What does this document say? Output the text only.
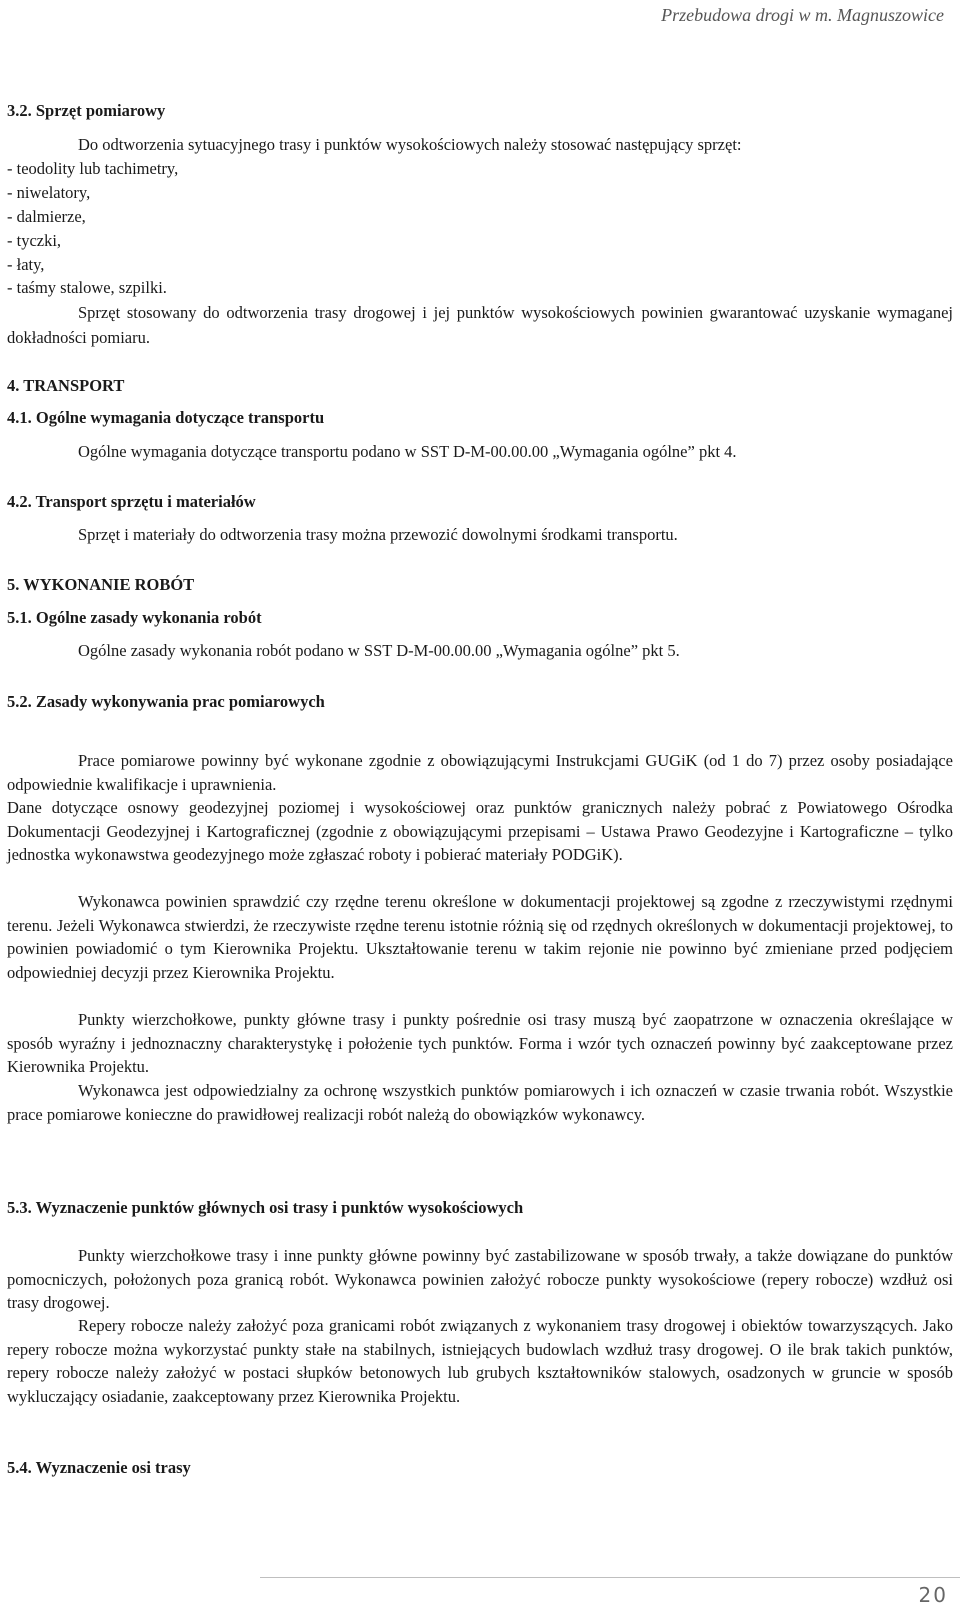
Przebudowa drogi w m. Magnuszowice
3.2. Sprzęt pomiarowy
Do odtworzenia sytuacyjnego trasy i punktów wysokościowych należy stosować następujący sprzęt:
- teodolity lub tachimetry,
- niwelatory,
- dalmierze,
- tyczki,
- łaty,
- taśmy stalowe, szpilki.
Sprzęt stosowany do odtworzenia trasy drogowej i jej punktów wysokościowych powinien gwarantować uzyskanie wymaganej dokładności pomiaru.
4. TRANSPORT
4.1. Ogólne wymagania dotyczące transportu
Ogólne wymagania dotyczące transportu podano w SST D-M-00.00.00 „Wymagania ogólne” pkt 4.
4.2. Transport sprzętu i materiałów
Sprzęt i materiały do odtworzenia trasy można przewozić dowolnymi środkami transportu.
5. WYKONANIE ROBÓT
5.1. Ogólne zasady wykonania robót
Ogólne zasady wykonania robót podano w SST D-M-00.00.00 „Wymagania ogólne” pkt 5.
5.2. Zasady wykonywania prac pomiarowych
Prace pomiarowe powinny być wykonane zgodnie z obowiązującymi Instrukcjami GUGiK (od 1 do 7) przez osoby posiadające odpowiednie kwalifikacje i uprawnienia.
Dane dotyczące osnowy geodezyjnej poziomej i wysokościowej oraz punktów granicznych należy pobrać z Powiatowego Ośrodka Dokumentacji Geodezyjnej i Kartograficznej (zgodnie z obowiązującymi przepisami – Ustawa Prawo Geodezyjne i Kartograficzne – tylko jednostka wykonawstwa geodezyjnego może zgłaszać roboty i pobierać materiały PODGiK).
Wykonawca powinien sprawdzić czy rzędne terenu określone w dokumentacji projektowej są zgodne z rzeczywistymi rzędnymi terenu. Jeżeli Wykonawca stwierdzi, że rzeczywiste rzędne terenu istotnie różnią się od rzędnych określonych w dokumentacji projektowej, to powinien powiadomić o tym Kierownika Projektu. Ukształtowanie terenu w takim rejonie nie powinno być zmieniane przed podjęciem odpowiedniej decyzji przez Kierownika Projektu.
Punkty wierzchołkowe, punkty główne trasy i punkty pośrednie osi trasy muszą być zaopatrzone w oznaczenia określające w sposób wyraźny i jednoznaczny charakterystykę i położenie tych punktów. Forma i wzór tych oznaczeń powinny być zaakceptowane przez Kierownika Projektu.
Wykonawca jest odpowiedzialny za ochronę wszystkich punktów pomiarowych i ich oznaczeń w czasie trwania robót. Wszystkie prace pomiarowe konieczne do prawidłowej realizacji robót należą do obowiązków wykonawcy.
5.3. Wyznaczenie punktów głównych osi trasy i punktów wysokościowych
Punkty wierzchołkowe trasy i inne punkty główne powinny być zastabilizowane w sposób trwały, a także dowiązane do punktów pomocniczych, położonych poza granicą robót. Wykonawca powinien założyć robocze punkty wysokościowe (repery robocze) wzdłuż osi trasy drogowej.
Repery robocze należy założyć poza granicami robót związanych z wykonaniem trasy drogowej i obiektów towarzyszących. Jako repery robocze można wykorzystać punkty stałe na stabilnych, istniejących budowlach wzdłuż trasy drogowej. O ile brak takich punktów, repery robocze należy założyć w postaci słupków betonowych lub grubych kształtowników stalowych, osadzonych w gruncie w sposób wykluczający osiadanie, zaakceptowany przez Kierownika Projektu.
5.4. Wyznaczenie osi trasy
20
